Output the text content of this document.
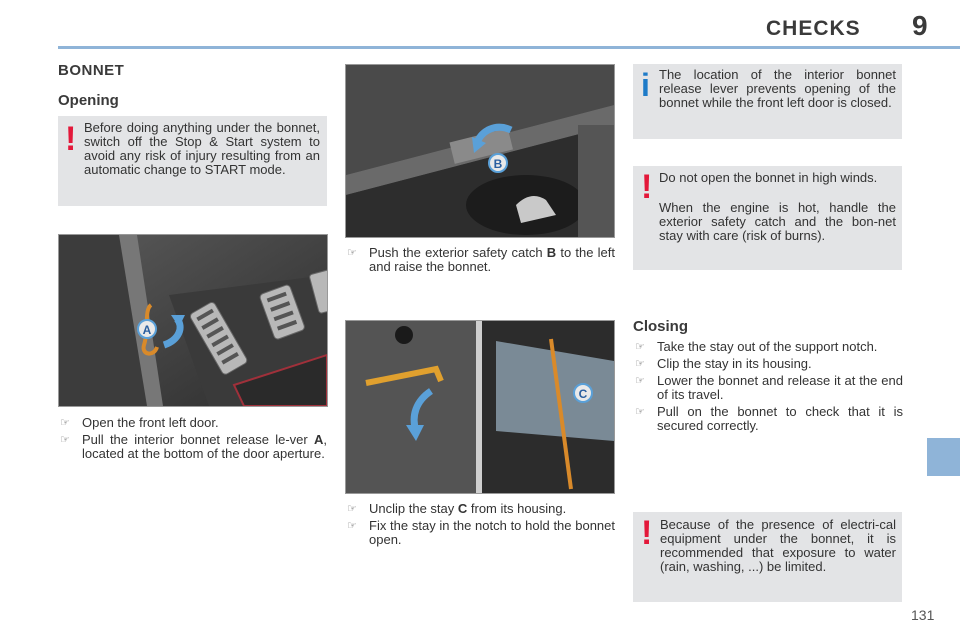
CHECKS 9
BONNET
Opening
! Before doing anything under the bonnet, switch off the Stop & Start system to avoid any risk of injury resulting from an automatic change to START mode.

A
☞ Open the front left door.
☞ Pull the interior bonnet release le-ver A, located at the bottom of the door aperture.
B
☞ Push the exterior safety catch B to the left and raise the bonnet.
C
☞ Unclip the stay C from its housing.
☞ Fix the stay in the notch to hold the bonnet open.
i The location of the interior bonnet release lever prevents opening of the bonnet while the front left door is closed.

! Do not open the bonnet in high winds.

When the engine is hot, handle the exterior safety catch and the bon-net stay with care (risk of burns).

Closing
☞ Take the stay out of the support notch.
☞ Clip the stay in its housing.
☞ Lower the bonnet and release it at the end of its travel.
☞ Pull on the bonnet to check that it is secured correctly.
! Because of the presence of electri-cal equipment under the bonnet, it is recommended that exposure to water (rain, washing, ...) be limited.

131
